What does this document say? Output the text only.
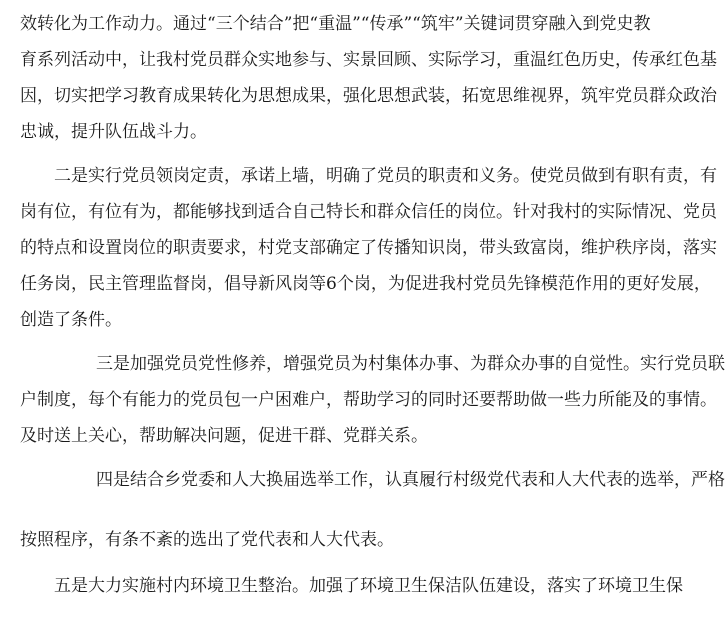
效转化为工作动力。通过“三个结合”把“重温”“传承”“筑牢”关键词贯穿融入到党史教
育系列活动中，让我村党员群众实地参与、实景回顾、实际学习，重温红色历史，传承红色基
因，切实把学习教育成果转化为思想成果，强化思想武装，拓宽思维视界，筑牢党员群众政治
忠诚，提升队伍战斗力。
二是实行党员领岗定责，承诺上墙，明确了党员的职责和义务。使党员做到有职有责，有
岗有位，有位有为，都能够找到适合自己特长和群众信任的岗位。针对我村的实际情况、党员
的特点和设置岗位的职责要求，村党支部确定了传播知识岗，带头致富岗，维护秩序岗，落实
任务岗，民主管理监督岗，倡导新风岗等6个岗，为促进我村党员先锋模范作用的更好发展，
创造了条件。
三是加强党员党性修养，增强党员为村集体办事、为群众办事的自觉性。实行党员联
户制度，每个有能力的党员包一户困难户，帮助学习的同时还要帮助做一些力所能及的事情。
及时送上关心，帮助解决问题，促进干群、党群关系。
四是结合乡党委和人大换届选举工作，认真履行村级党代表和人大代表的选举，严格
按照程序，有条不紊的选出了党代表和人大代表。
五是大力实施村内环境卫生整治。加强了环境卫生保洁队伍建设，落实了环境卫生保
